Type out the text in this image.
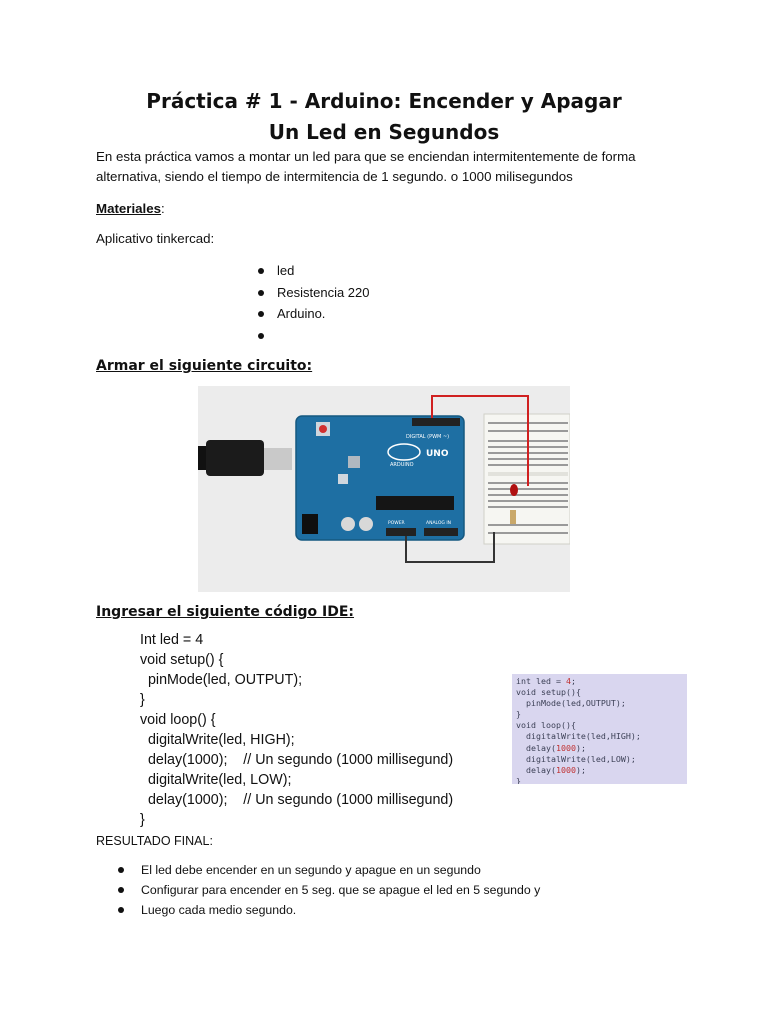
Práctica # 1 - Arduino: Encender y Apagar
Un Led en Segundos

En esta práctica vamos a montar un led para que se enciendan intermitentemente de forma alternativa, siendo el tiempo de intermitencia de 1 segundo. o 1000 milisegundos

Materiales:
Aplicativo tinkercad:
led
Resistencia 220
Arduino.
Armar el siguiente circuito:
DIGITAL (PWM ~)
UNO
ARDUINO
POWER	ANALOG IN
Ingresar el siguiente código IDE:
Int led = 4
void setup() {
pinMode(led, OUTPUT);
}
void loop() {
digitalWrite(led, HIGH);
delay(1000);    // Un segundo (1000 millisegund)
digitalWrite(led, LOW);
delay(1000);    // Un segundo (1000 millisegund)
}
int led = 4;
void setup(){
pinMode(led,OUTPUT);
}
void loop(){
digitalWrite(led,HIGH);
delay(1000);
digitalWrite(led,LOW);
delay(1000);
}
RESULTADO FINAL:
El led debe encender en un segundo y apague en un segundo
Configurar para encender en 5 seg. que se apague el led en 5 segundo y
Luego cada medio segundo.
